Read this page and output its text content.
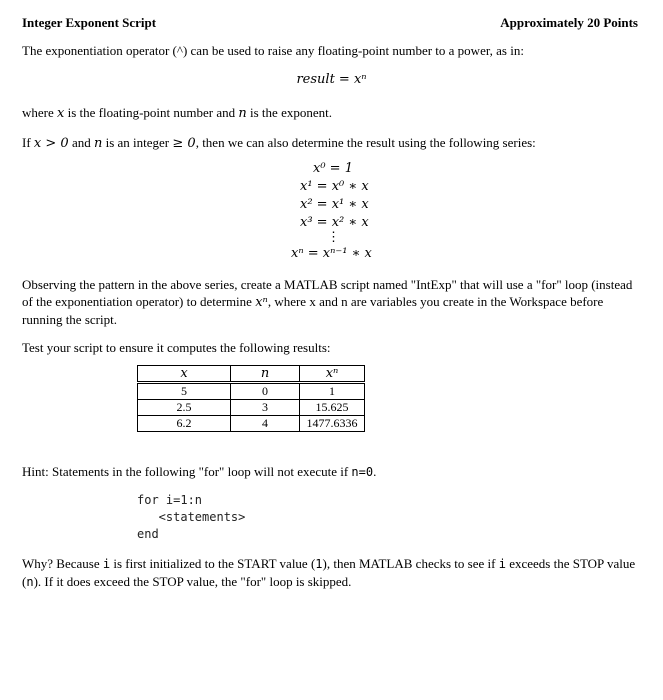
Integer Exponent Script	Approximately 20 Points
The exponentiation operator (^) can be used to raise any floating-point number to a power, as in:
result = xⁿ
where x is the floating-point number and n is the exponent.
If x > 0 and n is an integer ≥ 0, then we can also determine the result using the following series:
x⁰ = 1
x¹ = x⁰ ∗ x
x² = x¹ ∗ x
x³ = x² ∗ x
⋮
xⁿ = xⁿ⁻¹ ∗ x
Observing the pattern in the above series, create a MATLAB script named "IntExp" that will use a "for" loop (instead of the exponentiation operator) to determine xⁿ, where x and n are variables you create in the Workspace before running the script.
Test your script to ensure it computes the following results:
x	n	xⁿ
5	0	1
2.5	3	15.625
6.2	4	1477.6336
Hint: Statements in the following "for" loop will not execute if n=0.
for i=1:n
<statements>
end
Why? Because i is first initialized to the START value (1), then MATLAB checks to see if i exceeds the STOP value (n). If it does exceed the STOP value, the "for" loop is skipped.
